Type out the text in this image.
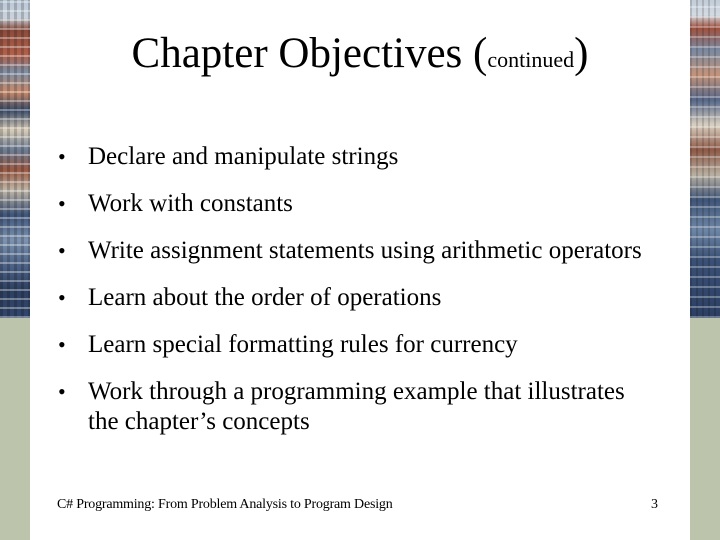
Chapter Objectives (continued)
• Declare and manipulate strings
• Work with constants
• Write assignment statements using arithmetic operators
• Learn about the order of operations
• Learn special formatting rules for currency
• Work through a programming example that illustrates the chapter’s concepts
C# Programming: From Problem Analysis to Program Design	3
